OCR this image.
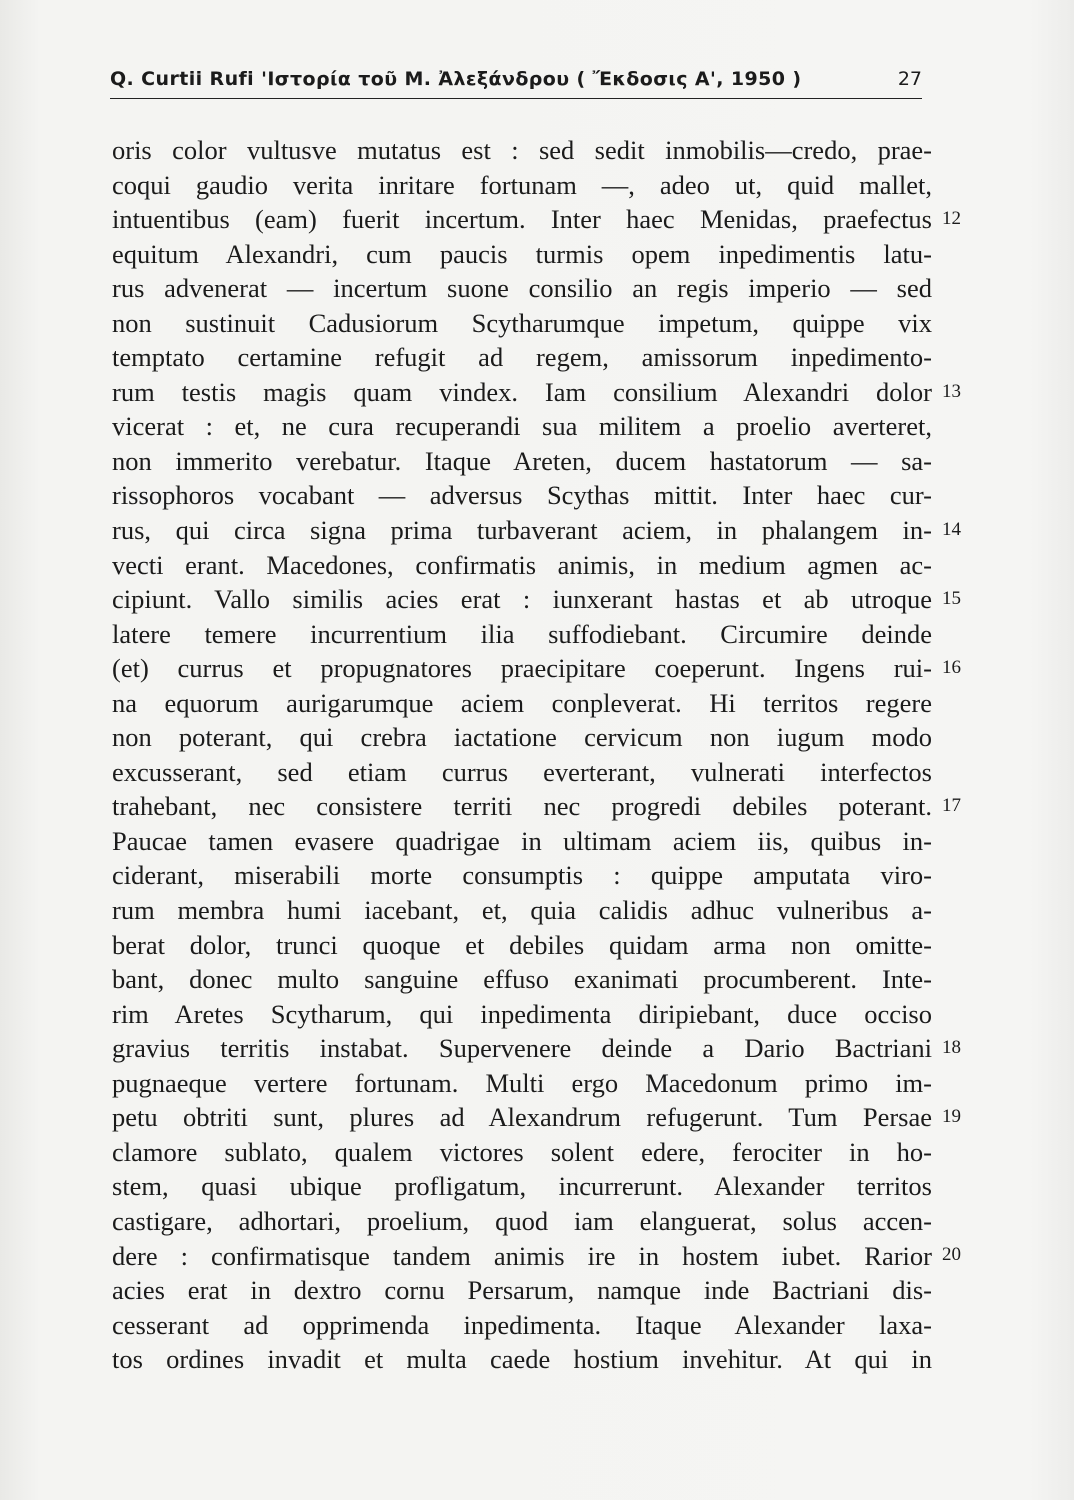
Q. Curtii Rufi 'Ιστορία τοῦ Μ. Ἀλεξάνδρου ( Ἔκδοσις Α', 1950 )	27
oris color vultusve mutatus est : sed sedit inmobilis—credo, prae-
coqui gaudio verita inritare fortunam —, adeo ut, quid mallet,
intuentibus (eam) fuerit incertum. Inter haec Menidas, praefectus
equitum Alexandri, cum paucis turmis opem inpedimentis latu-
rus advenerat — incertum suone consilio an regis imperio — sed
non sustinuit Cadusiorum Scytharumque impetum, quippe vix
temptato certamine refugit ad regem, amissorum inpedimento-
rum testis magis quam vindex. Iam consilium Alexandri dolor
vicerat : et, ne cura recuperandi sua militem a proelio averteret,
non immerito verebatur. Itaque Areten, ducem hastatorum — sa-
rissophoros vocabant — adversus Scythas mittit. Inter haec cur-
rus, qui circa signa prima turbaverant aciem, in phalangem in-
vecti erant. Macedones, confirmatis animis, in medium agmen ac-
cipiunt. Vallo similis acies erat : iunxerant hastas et ab utroque
latere temere incurrentium ilia suffodiebant. Circumire deinde
(et) currus et propugnatores praecipitare coeperunt. Ingens rui-
na equorum aurigarumque aciem conpleverat. Hi territos regere
non poterant, qui crebra iactatione cervicum non iugum modo
excusserant, sed etiam currus everterant, vulnerati interfectos
trahebant, nec consistere territi nec progredi debiles poterant.
Paucae tamen evasere quadrigae in ultimam aciem iis, quibus in-
ciderant, miserabili morte consumptis : quippe amputata viro-
rum membra humi iacebant, et, quia calidis adhuc vulneribus a-
berat dolor, trunci quoque et debiles quidam arma non omitte-
bant, donec multo sanguine effuso exanimati procumberent. Inte-
rim Aretes Scytharum, qui inpedimenta diripiebant, duce occiso
gravius territis instabat. Supervenere deinde a Dario Bactriani
pugnaeque vertere fortunam. Multi ergo Macedonum primo im-
petu obtriti sunt, plures ad Alexandrum refugerunt. Tum Persae
clamore sublato, qualem victores solent edere, ferociter in ho-
stem, quasi ubique profligatum, incurrerunt. Alexander territos
castigare, adhortari, proelium, quod iam elanguerat, solus accen-
dere : confirmatisque tandem animis ire in hostem iubet. Rarior
acies erat in dextro cornu Persarum, namque inde Bactriani dis-
cesserant ad opprimenda inpedimenta. Itaque Alexander laxa-
tos ordines invadit et multa caede hostium invehitur. At qui in
12
13
14
15
16
17
18
19
20
